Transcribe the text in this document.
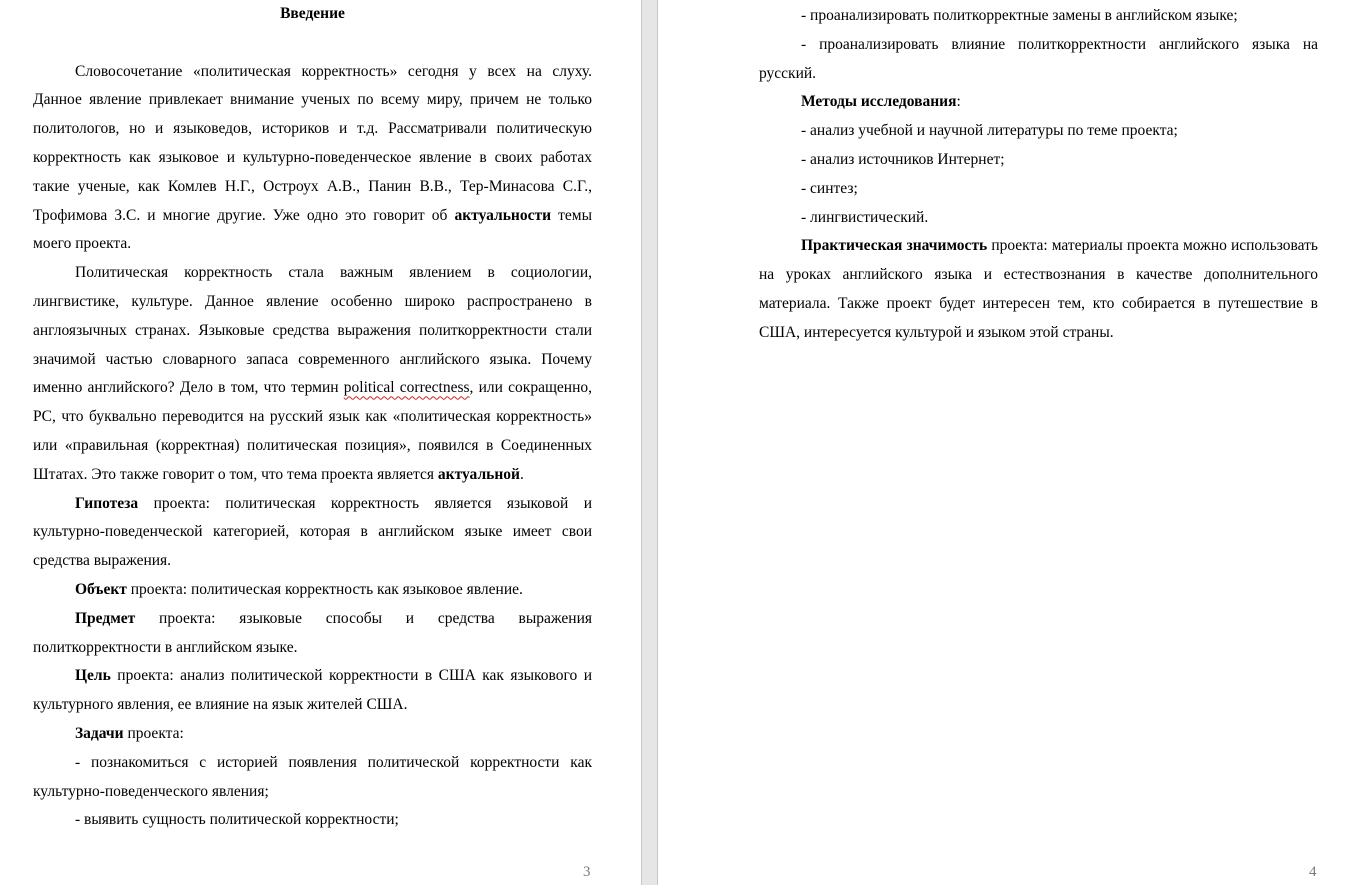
Введение

Словосочетание «политическая корректность» сегодня у всех на слуху. Данное явление привлекает внимание ученых по всему миру, причем не только политологов, но и языковедов, историков и т.д. Рассматривали политическую корректность как языковое и культурно-поведенческое явление в своих работах такие ученые, как Комлев Н.Г., Остроух А.В., Панин В.В., Тер-Минасова С.Г., Трофимова З.С. и многие другие. Уже одно это говорит об актуальности темы моего проекта.

Политическая корректность стала важным явлением в социологии, лингвистике, культуре. Данное явление особенно широко распространено в англоязычных странах. Языковые средства выражения политкорректности стали значимой частью словарного запаса современного английского языка. Почему именно английского? Дело в том, что термин political correctness, или сокращенно, PC, что буквально переводится на русский язык как «политическая корректность» или «правильная (корректная) политическая позиция», появился в Соединенных Штатах. Это также говорит о том, что тема проекта является актуальной.

Гипотеза проекта: политическая корректность является языковой и культурно-поведенческой категорией, которая в английском языке имеет свои средства выражения.

Объект проекта: политическая корректность как языковое явление.

Предмет проекта: языковые способы и средства выражения политкорректности в английском языке.

Цель проекта: анализ политической корректности в США как языкового и культурного явления, ее влияние на язык жителей США.

Задачи проекта:

- познакомиться с историей появления политической корректности как культурно-поведенческого явления;

- выявить сущность политической корректности;

3

- проанализировать политкорректные замены в английском языке;

- проанализировать влияние политкорректности английского языка на русский.

Методы исследования:

- анализ учебной и научной литературы по теме проекта;

- анализ источников Интернет;

- синтез;

- лингвистический.

Практическая значимость проекта: материалы проекта можно использовать на уроках английского языка и естествознания в качестве дополнительного материала. Также проект будет интересен тем, кто собирается в путешествие в США, интересуется культурой и языком этой страны.

4
